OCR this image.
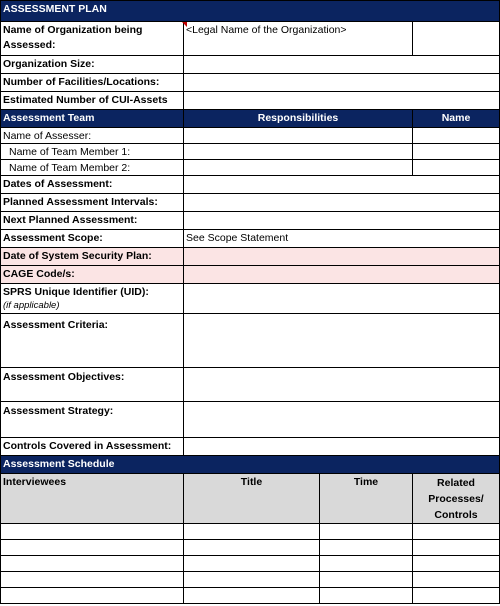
ASSESSMENT PLAN
Name of Organization being Assessed:
<Legal Name of the Organization>
Organization Size:
Number of Facilities/Locations:
Estimated Number of CUI-Assets
Assessment Team	Responsibilities	Name
Name of Assesser:
Name of Team Member 1:
Name of Team Member 2:
Dates of Assessment:
Planned Assessment Intervals:
Next Planned Assessment:
Assessment Scope:	See Scope Statement
Date of System Security Plan:
CAGE Code/s:
SPRS Unique Identifier (UID):
(if applicable)
Assessment Criteria:
Assessment Objectives:
Assessment Strategy:
Controls Covered in Assessment:
Assessment Schedule
Interviewees	Title	Time	Related Processes/ Controls
